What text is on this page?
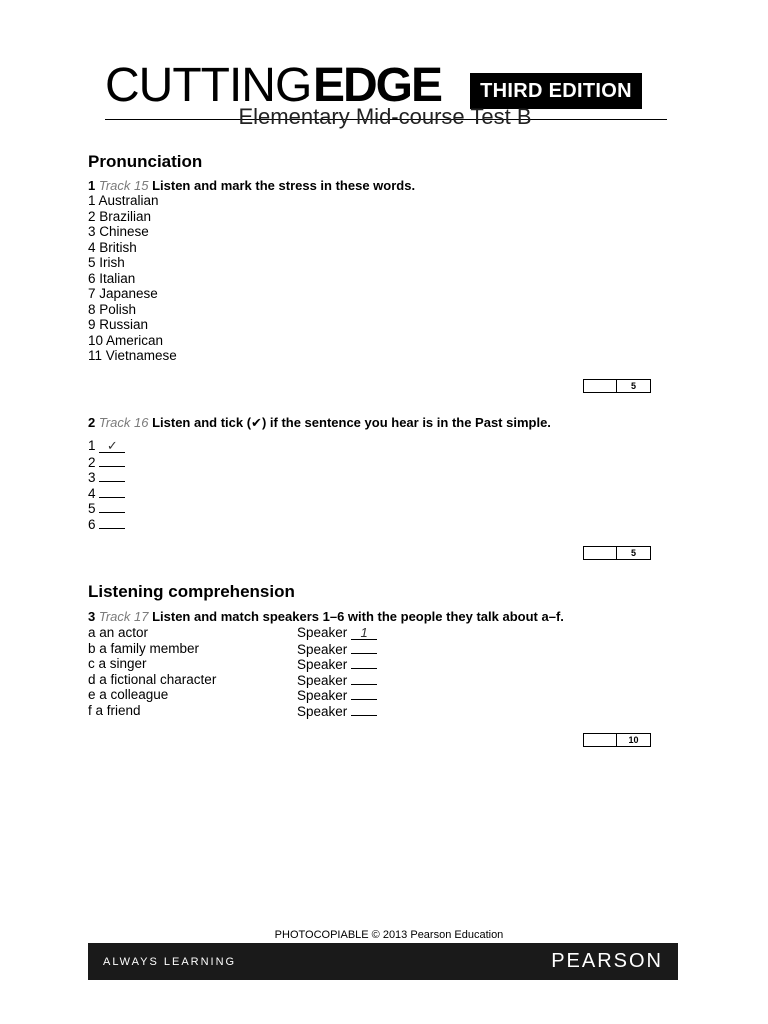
CUTTING EDGE	THIRD EDITION
Elementary Mid-course Test B
Pronunciation
1 Track 15 Listen and mark the stress in these words.
1 Australian
2 Brazilian
3 Chinese
4 British
5 Irish
6 Italian
7 Japanese
8 Polish
9 Russian
10 American
11 Vietnamese
5
2 Track 16 Listen and tick (✔) if the sentence you hear is in the Past simple.
1 ✓
2
3
4
5
6
5
Listening comprehension
3 Track 17 Listen and match speakers 1–6 with the people they talk about a–f.
a an actor	Speaker 1
b a family member	Speaker
c a singer	Speaker
d a fictional character	Speaker
e a colleague	Speaker
f a friend	Speaker
10
PHOTOCOPIABLE © 2013 Pearson Education
ALWAYS LEARNING	PEARSON
